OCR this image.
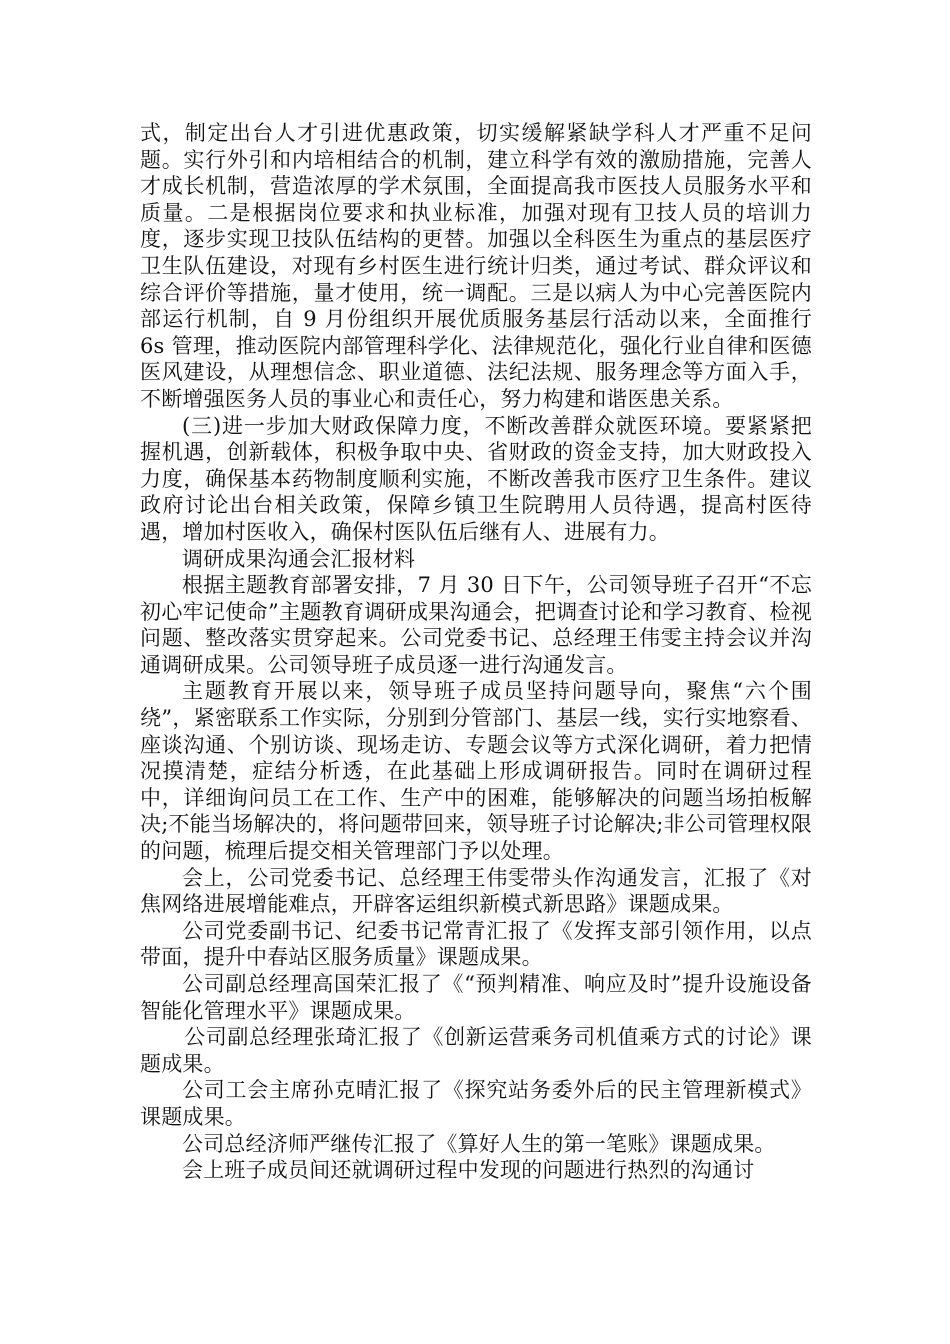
式，制定出台人才引进优惠政策，切实缓解紧缺学科人才严重不足问题。实行外引和内培相结合的机制，建立科学有效的激励措施，完善人才成长机制，营造浓厚的学术氛围，全面提高我市医技人员服务水平和质量。二是根据岗位要求和执业标准，加强对现有卫技人员的培训力度，逐步实现卫技队伍结构的更替。加强以全科医生为重点的基层医疗卫生队伍建设，对现有乡村医生进行统计归类，通过考试、群众评议和综合评价等措施，量才使用，统一调配。三是以病人为中心完善医院内部运行机制，自 9 月份组织开展优质服务基层行活动以来，全面推行 6s 管理，推动医院内部管理科学化、法律规范化，强化行业自律和医德医风建设，从理想信念、职业道德、法纪法规、服务理念等方面入手，不断增强医务人员的事业心和责任心，努力构建和谐医患关系。

(三)进一步加大财政保障力度，不断改善群众就医环境。要紧紧把握机遇，创新载体，积极争取中央、省财政的资金支持，加大财政投入力度，确保基本药物制度顺利实施，不断改善我市医疗卫生条件。建议政府讨论出台相关政策，保障乡镇卫生院聘用人员待遇，提高村医待遇，增加村医收入，确保村医队伍后继有人、进展有力。

调研成果沟通会汇报材料

根据主题教育部署安排，7 月 30 日下午，公司领导班子召开“不忘初心牢记使命”主题教育调研成果沟通会，把调查讨论和学习教育、检视问题、整改落实贯穿起来。公司党委书记、总经理王伟雯主持会议并沟通调研成果。公司领导班子成员逐一进行沟通发言。

主题教育开展以来，领导班子成员坚持问题导向，聚焦“六个围绕”，紧密联系工作实际，分别到分管部门、基层一线，实行实地察看、座谈沟通、个别访谈、现场走访、专题会议等方式深化调研，着力把情况摸清楚，症结分析透，在此基础上形成调研报告。同时在调研过程中，详细询问员工在工作、生产中的困难，能够解决的问题当场拍板解决;不能当场解决的，将问题带回来，领导班子讨论解决;非公司管理权限的问题，梳理后提交相关管理部门予以处理。

会上，公司党委书记、总经理王伟雯带头作沟通发言，汇报了《对焦网络进展增能难点，开辟客运组织新模式新思路》课题成果。

公司党委副书记、纪委书记常青汇报了《发挥支部引领作用，以点带面，提升中春站区服务质量》课题成果。

公司副总经理高国荣汇报了《“预判精准、响应及时”提升设施设备智能化管理水平》课题成果。

公司副总经理张琦汇报了《创新运营乘务司机值乘方式的讨论》课题成果。

公司工会主席孙克晴汇报了《探究站务委外后的民主管理新模式》课题成果。

公司总经济师严继传汇报了《算好人生的第一笔账》课题成果。

会上班子成员间还就调研过程中发现的问题进行热烈的沟通讨
